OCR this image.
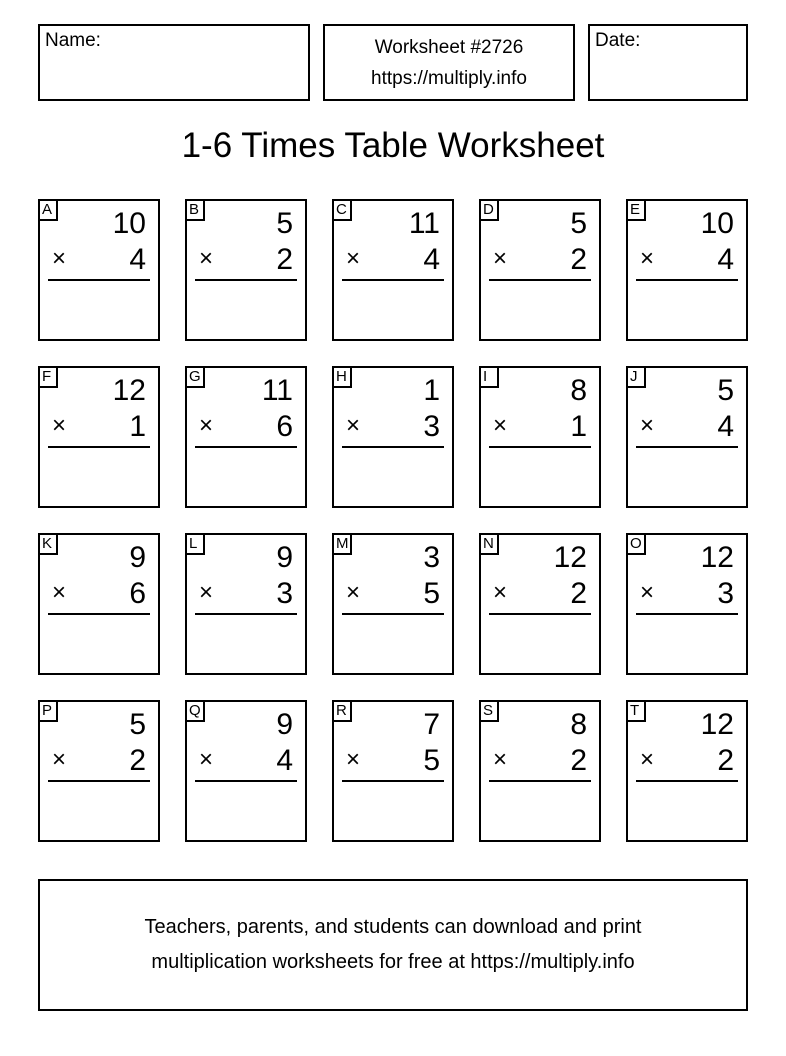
Name:	Worksheet #2726
https://multiply.info
Date:
1-6 Times Table Worksheet
A 10
× 4
B	5
× 2
C 11
× 4
D	5
× 2
E 10
× 4
F 12
× 1
G 11
× 6
H	1
× 3
I	8
× 1
J	5
× 4
K	9
× 6
L	9
× 3
M 3
× 5
N 12
× 2
O 12
× 3
P	5
× 2
Q	9
× 4
R	7
× 5
S	8
× 2
T 12
× 2
Teachers, parents, and students can download and print
multiplication worksheets for free at https://multiply.info
